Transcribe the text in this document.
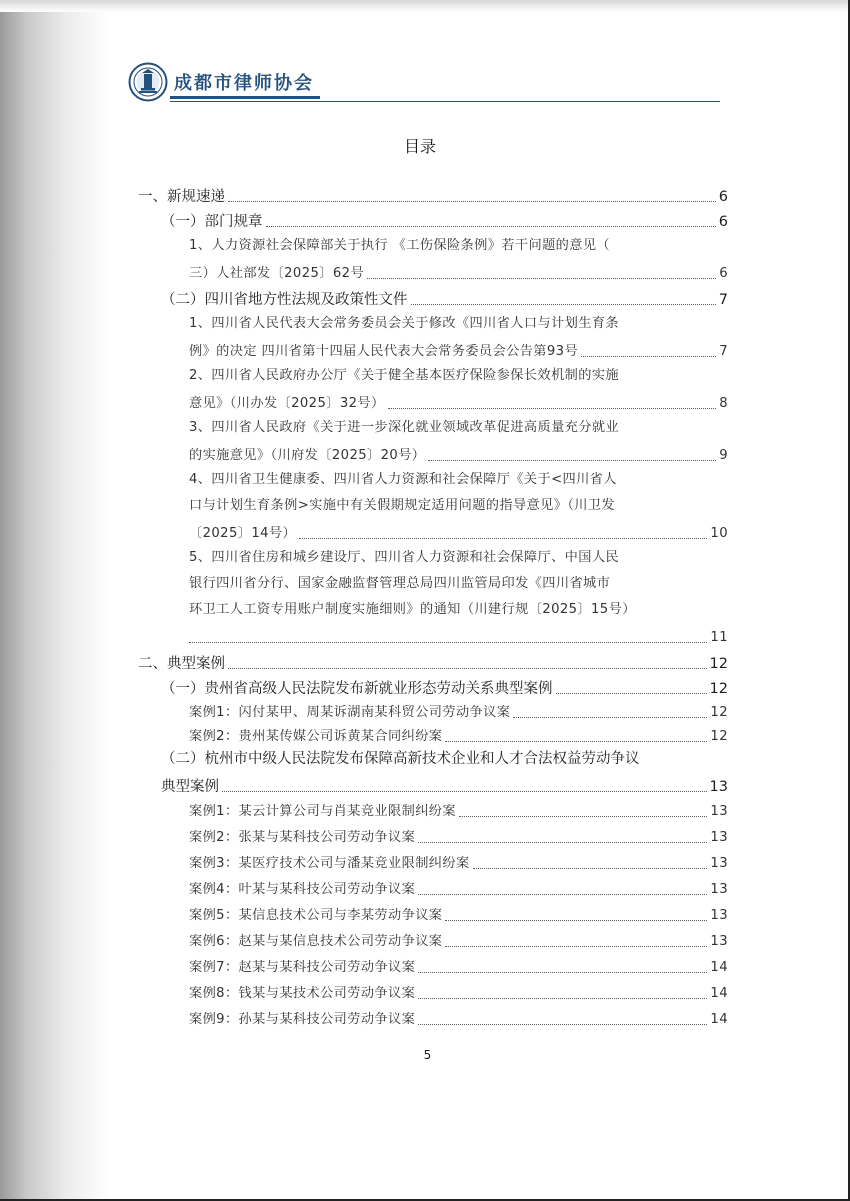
成都市律师协会
目录
一、新规速递	6
（一）部门规章	6
1、人力资源社会保障部关于执行 《工伤保险条例》若干问题的意见（
三）人社部发〔2025〕62号	6
（二）四川省地方性法规及政策性文件	7
1、四川省人民代表大会常务委员会关于修改《四川省人口与计划生育条
例》的决定 四川省第十四届人民代表大会常务委员会公告第93号	7
2、四川省人民政府办公厅《关于健全基本医疗保险参保长效机制的实施
意见》（川办发〔2025〕32号）	8
3、四川省人民政府《关于进一步深化就业领域改革促进高质量充分就业
的实施意见》（川府发〔2025〕20号）	9
4、四川省卫生健康委、四川省人力资源和社会保障厅《关于<四川省人
口与计划生育条例>实施中有关假期规定适用问题的指导意见》（川卫发
〔2025〕14号）	10
5、四川省住房和城乡建设厅、四川省人力资源和社会保障厅、中国人民
银行四川省分行、国家金融监督管理总局四川监管局印发《四川省城市
环卫工人工资专用账户制度实施细则》的通知（川建行规〔2025〕15号）
11
二、典型案例	12
（一）贵州省高级人民法院发布新就业形态劳动关系典型案例	12
案例1：闪付某甲、周某诉湖南某科贸公司劳动争议案	12
案例2：贵州某传媒公司诉黄某合同纠纷案	12
（二）杭州市中级人民法院发布保障高新技术企业和人才合法权益劳动争议
典型案例	13
案例1：某云计算公司与肖某竞业限制纠纷案	13
案例2：张某与某科技公司劳动争议案	13
案例3：某医疗技术公司与潘某竞业限制纠纷案	13
案例4：叶某与某科技公司劳动争议案	13
案例5：某信息技术公司与李某劳动争议案	13
案例6：赵某与某信息技术公司劳动争议案	13
案例7：赵某与某科技公司劳动争议案	14
案例8：钱某与某技术公司劳动争议案	14
案例9：孙某与某科技公司劳动争议案	14
5
